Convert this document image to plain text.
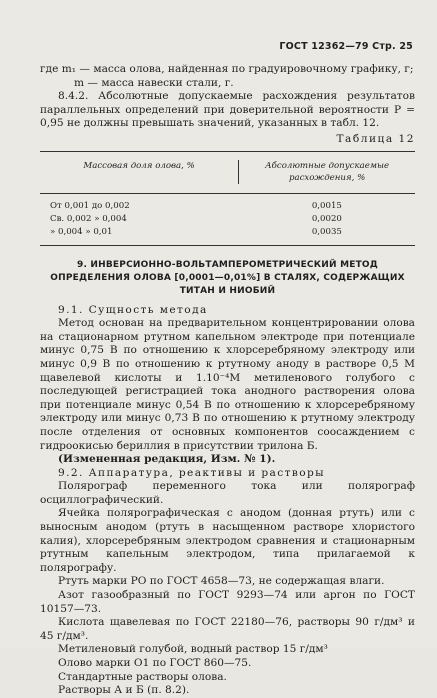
ГОСТ 12362—79 Стр. 25

где m₁ — масса олова, найденная по градуировочному графику, г;

m — масса навески стали, г.

8.4.2. Абсолютные допускаемые расхождения результатов параллельных определений при доверительной вероятности P = 0,95 не должны превышать значений, указанных в табл. 12.

Таблица 12
Массовая доля олова, %	Абсолютные допускаемые расхождения, %
От 0,001 до 0,002	0,0015
Св. 0,002 » 0,004	0,0020
» 0,004 » 0,01	0,0035
9. ИНВЕРСИОННО-ВОЛЬТАМПЕРОМЕТРИЧЕСКИЙ МЕТОД ОПРЕДЕЛЕНИЯ ОЛОВА [0,0001—0,01%] В СТАЛЯХ, СОДЕРЖАЩИХ ТИТАН И НИОБИЙ

9.1. Сущность метода

Метод основан на предварительном концентрировании олова на стационарном ртутном капельном электроде при потенциале минус 0,75 В по отношению к хлорсеребряному электроду или минус 0,9 В по отношению к ртутному аноду в растворе 0,5 М щавелевой кислоты и 1.10⁻⁴М метиленового голубого с последующей регистрацией тока анодного растворения олова при потенциале минус 0,54 В по отношению к хлорсеребряному электроду или минус 0,73 В по отношению к ртутному электроду после отделения от основных компонентов соосаждением с гидроокисью бериллия в присутствии трилона Б.

(Измененная редакция, Изм. № 1).

9.2. Аппаратура, реактивы и растворы

Полярограф переменного тока или полярограф осциллографический.

Ячейка полярографическая с анодом (донная ртуть) или с выносным анодом (ртуть в насыщенном растворе хлористого калия), хлорсеребряным электродом сравнения и стационарным ртутным капельным электродом, типа прилагаемой к полярографу.

Ртуть марки РО по ГОСТ 4658—73, не содержащая влаги.

Азот газообразный по ГОСТ 9293—74 или аргон по ГОСТ 10157—73.

Кислота щавелевая по ГОСТ 22180—76, растворы 90 г/дм³ и 45 г/дм³.

Метиленовый голубой, водный раствор 15 г/дм³

Олово марки О1 по ГОСТ 860—75.

Стандартные растворы олова.

Растворы А и Б (п. 8.2).
